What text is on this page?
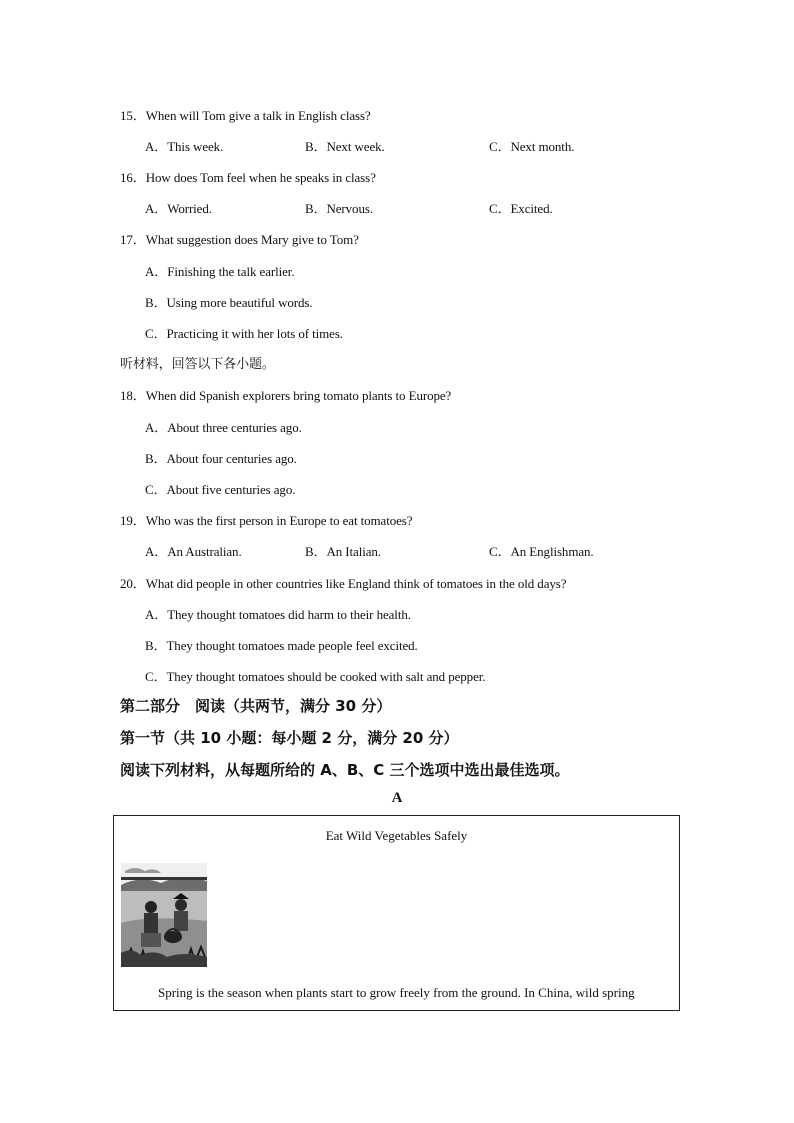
15．When will Tom give a talk in English class?
A．This week.	B．Next week.	C．Next month.
16．How does Tom feel when he speaks in class?
A．Worried.	B．Nervous.	C．Excited.
17．What suggestion does Mary give to Tom?
A．Finishing the talk earlier.
B．Using more beautiful words.
C．Practicing it with her lots of times.
听材料，回答以下各小题。
18．When did Spanish explorers bring tomato plants to Europe?
A．About three centuries ago.
B．About four centuries ago.
C．About five centuries ago.
19．Who was the first person in Europe to eat tomatoes?
A．An Australian.	B．An Italian.	C．An Englishman.
20．What did people in other countries like England think of tomatoes in the old days?
A．They thought tomatoes did harm to their health.
B．They thought tomatoes made people feel excited.
C．They thought tomatoes should be cooked with salt and pepper.
第二部分　阅读（共两节，满分 30 分）
第一节（共 10 小题：每小题 2 分，满分 20 分）
阅读下列材料，从每题所给的 A、B、C 三个选项中选出最佳选项。
A
Eat Wild Vegetables Safely
Spring is the season when plants start to grow freely from the ground. In China, wild spring
